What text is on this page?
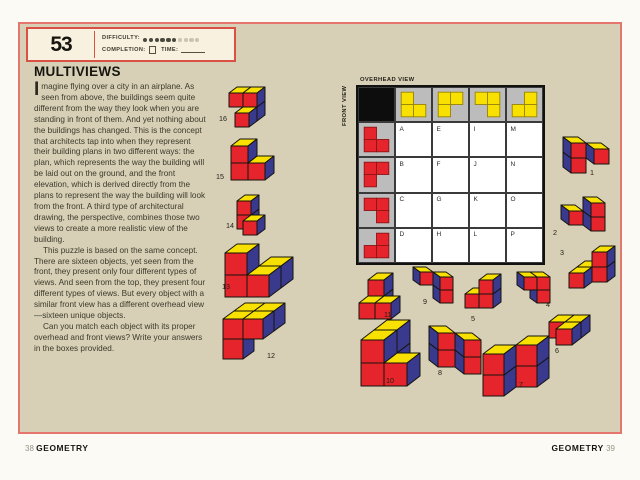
53	DIFFICULTY:
COMPLETION:	TIME:
MULTIVIEWS

Imagine flying over a city in an airplane. As seen from above, the buildings seem quite different from the way they look when you are standing in front of them. And yet nothing about the buildings has changed. This is the concept that architects tap into when they represent their building plans in two different ways: the plan, which represents the way the building will be laid out on the ground, and the front elevation, which is derived directly from the plans to represent the way the building will look from the front. A third type of architectural drawing, the perspective, combines those two views to create a more realistic view of the building.

This puzzle is based on the same concept. There are sixteen objects, yet seen from the front, they present only four different types of views. And seen from the top, they present four different types of views. But every object with a similar front view has a different overhead view—sixteen unique objects.

Can you match each object with its proper overhead and front views? Write your answers in the boxes provided.

OVERHEAD VIEW
FRONT VIEW
A	E	I	M
B	F	J	N
C	G	K	O
D	H	L	P
16
15
14
13
12
11
9
5
4
1
2
3
6
10
8
7
38 GEOMETRY	GEOMETRY 39
